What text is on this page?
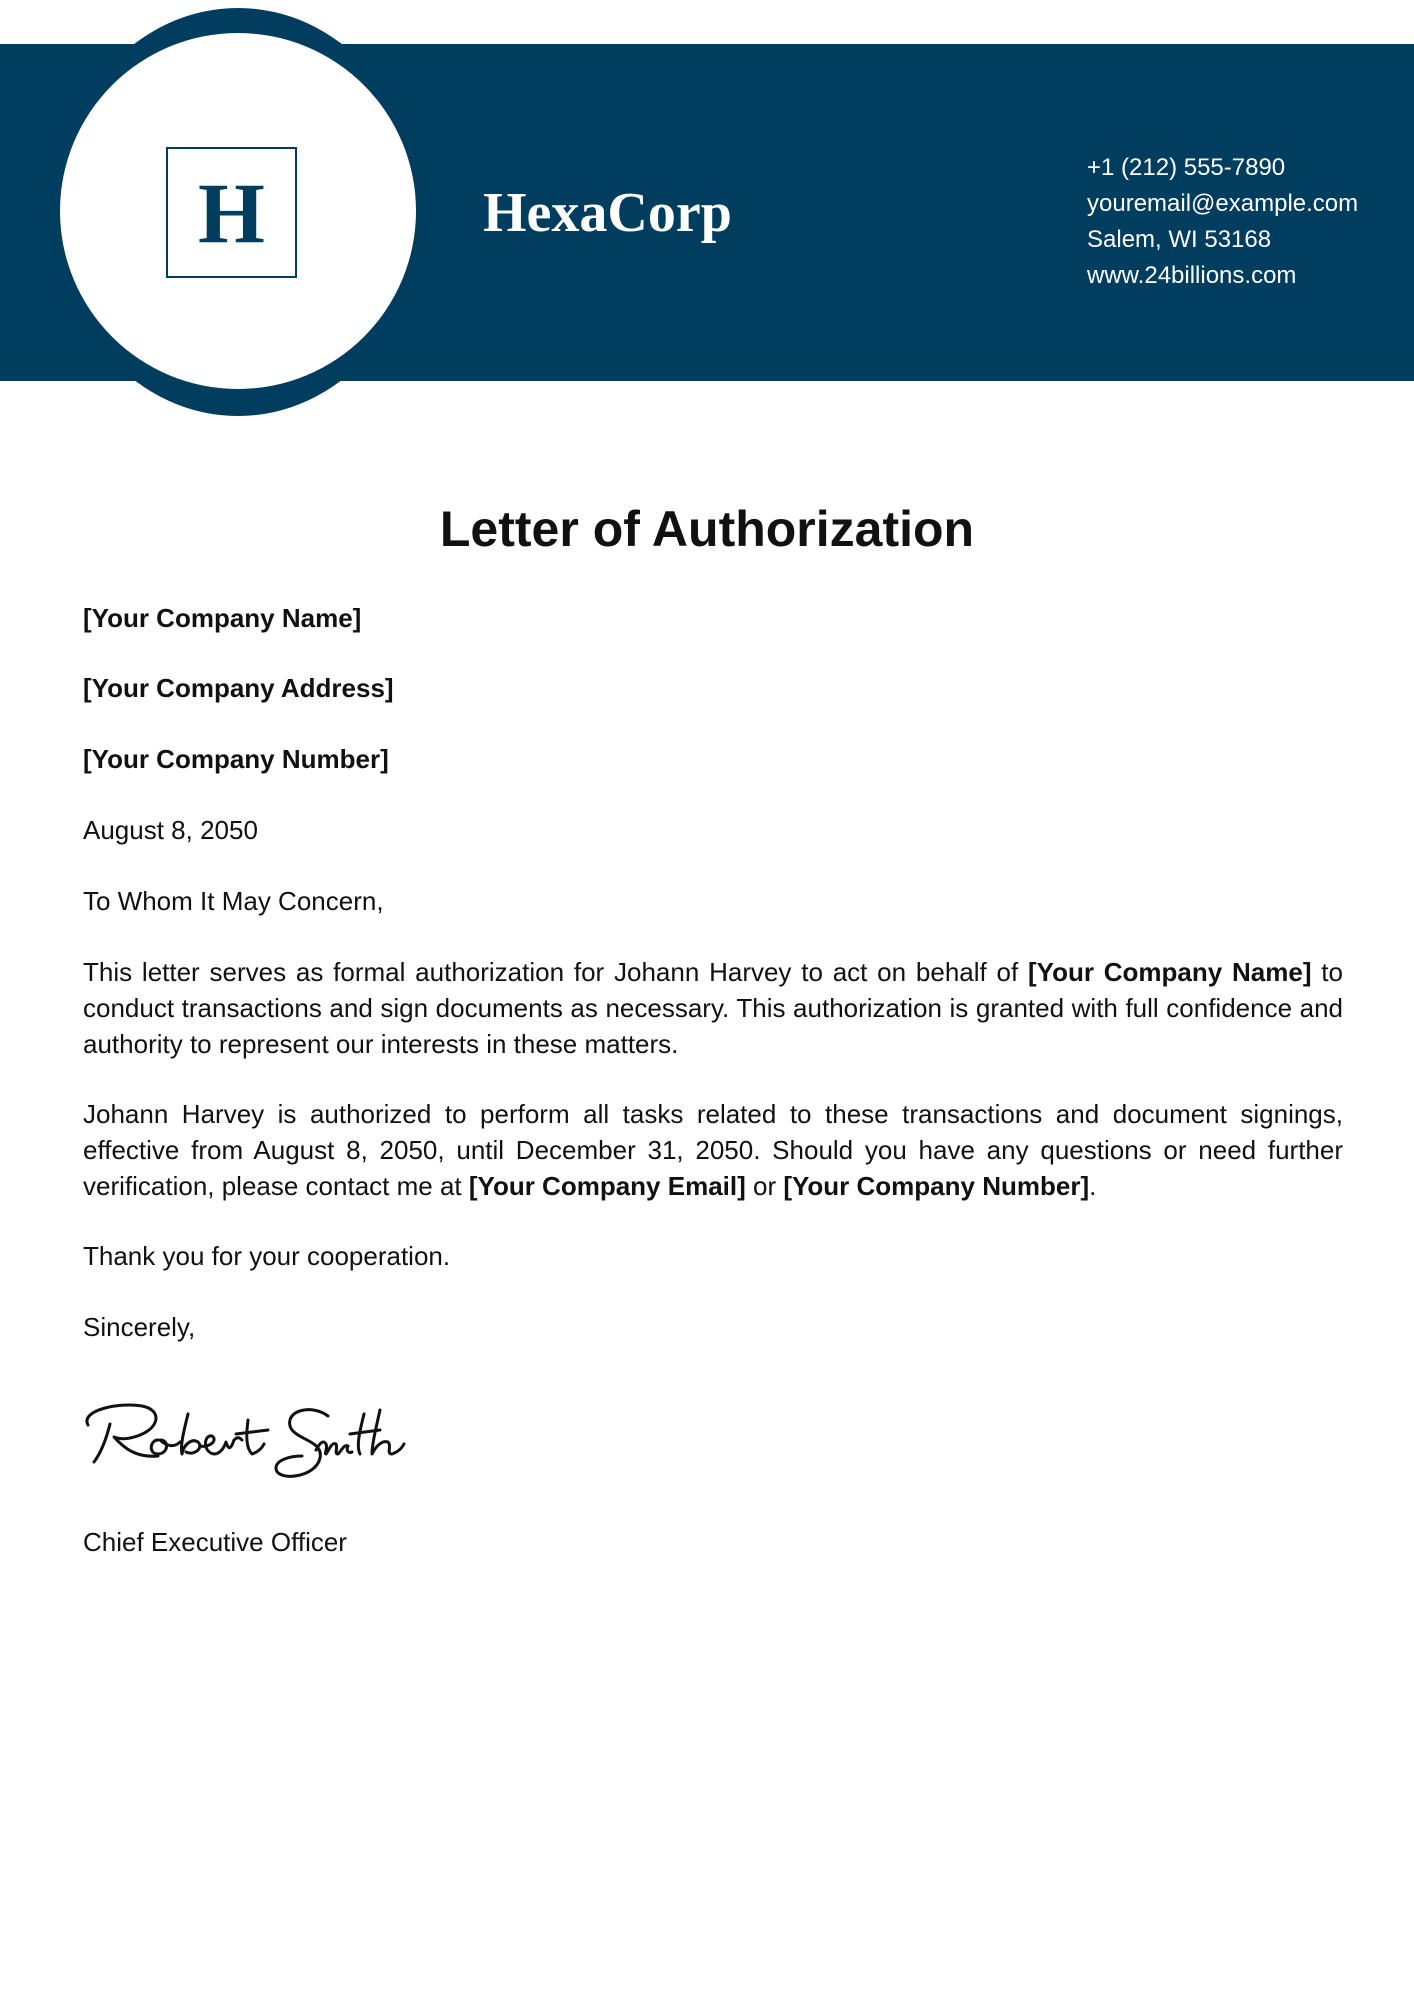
H	HexaCorp
+1 (212) 555-7890
youremail@example.com
Salem, WI 53168
www.24billions.com
Letter of Authorization
[Your Company Name]
[Your Company Address]
[Your Company Number]
August 8, 2050
To Whom It May Concern,
This letter serves as formal authorization for Johann Harvey to act on behalf of [Your Company Name] to conduct transactions and sign documents as necessary. This authorization is granted with full confidence and authority to represent our interests in these matters.
Johann Harvey is authorized to perform all tasks related to these transactions and document signings, effective from August 8, 2050, until December 31, 2050. Should you have any questions or need further verification, please contact me at [Your Company Email] or [Your Company Number].
Thank you for your cooperation.
Sincerely,
Chief Executive Officer
